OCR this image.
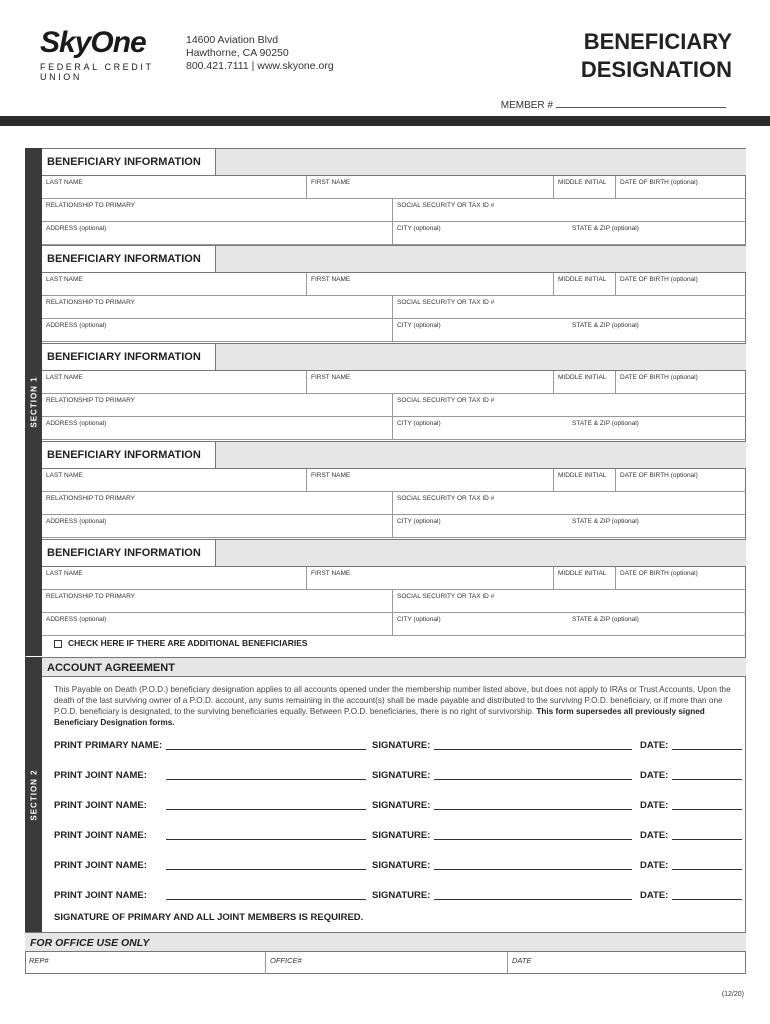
SkyOne
FEDERAL CREDIT UNION
14600 Aviation Blvd
Hawthorne, CA 90250
800.421.7111 | www.skyone.org
BENEFICIARY
DESIGNATION
MEMBER #
SECTION 1
SECTION 2
BENEFICIARY INFORMATION
LAST NAME	FIRST NAME	MIDDLE INITIAL	DATE OF BIRTH (optional)
RELATIONSHIP TO PRIMARY	SOCIAL SECURITY OR TAX ID #
ADDRESS (optional)	CITY (optional)	STATE & ZIP (optional)
BENEFICIARY INFORMATION
LAST NAME	FIRST NAME	MIDDLE INITIAL	DATE OF BIRTH (optional)
RELATIONSHIP TO PRIMARY	SOCIAL SECURITY OR TAX ID #
ADDRESS (optional)	CITY (optional)	STATE & ZIP (optional)
BENEFICIARY INFORMATION
LAST NAME	FIRST NAME	MIDDLE INITIAL	DATE OF BIRTH (optional)
RELATIONSHIP TO PRIMARY	SOCIAL SECURITY OR TAX ID #
ADDRESS (optional)	CITY (optional)	STATE & ZIP (optional)
BENEFICIARY INFORMATION
LAST NAME	FIRST NAME	MIDDLE INITIAL	DATE OF BIRTH (optional)
RELATIONSHIP TO PRIMARY	SOCIAL SECURITY OR TAX ID #
ADDRESS (optional)	CITY (optional)	STATE & ZIP (optional)
BENEFICIARY INFORMATION
LAST NAME	FIRST NAME	MIDDLE INITIAL	DATE OF BIRTH (optional)
RELATIONSHIP TO PRIMARY	SOCIAL SECURITY OR TAX ID #
ADDRESS (optional)	CITY (optional)	STATE & ZIP (optional)
CHECK HERE IF THERE ARE ADDITIONAL BENEFICIARIES
ACCOUNT AGREEMENT
This Payable on Death (P.O.D.) beneficiary designation applies to all accounts opened under the membership number listed above, but does not apply to IRAs or Trust Accounts. Upon the death of the last surviving owner of a P.O.D. account, any sums remaining in the account(s) shall be made payable and distributed to the surviving P.O.D. beneficiary, or if more than one P.O.D. beneficiary is designated, to the surviving beneficiaries equally. Between P.O.D. beneficiaries, there is no right of survivorship. This form supersedes all previously signed Beneficiary Designation forms.
PRINT PRIMARY NAME:	SIGNATURE:	DATE:
PRINT JOINT NAME:	SIGNATURE:	DATE:
PRINT JOINT NAME:	SIGNATURE:	DATE:
PRINT JOINT NAME:	SIGNATURE:	DATE:
PRINT JOINT NAME:	SIGNATURE:	DATE:
PRINT JOINT NAME:	SIGNATURE:	DATE:
SIGNATURE OF PRIMARY AND ALL JOINT MEMBERS IS REQUIRED.
FOR OFFICE USE ONLY
REP#	OFFICE#	DATE
(12/20)
